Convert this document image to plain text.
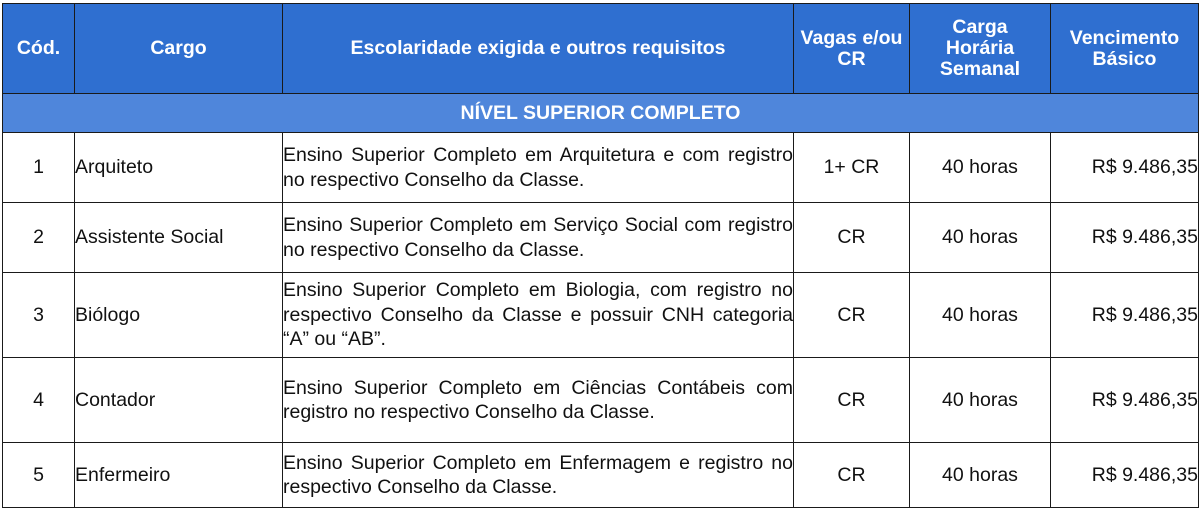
Cód.	Cargo	Escolaridade exigida e outros requisitos	Vagas e/ou CR	Carga Horária Semanal	Vencimento Básico
NÍVEL SUPERIOR COMPLETO					
1	Arquiteto	Ensino Superior Completo em Arquitetura e com registro no respectivo Conselho da Classe.	1+ CR	40 horas	R$ 9.486,35
2	Assistente Social	Ensino Superior Completo em Serviço Social com registro no respectivo Conselho da Classe.	CR	40 horas	R$ 9.486,35
3	Biólogo	Ensino Superior Completo em Biologia, com registro no respectivo Conselho da Classe e possuir CNH categoria “A” ou “AB”.	CR	40 horas	R$ 9.486,35
4	Contador	Ensino Superior Completo em Ciências Contábeis com registro no respectivo Conselho da Classe.	CR	40 horas	R$ 9.486,35
5	Enfermeiro	Ensino Superior Completo em Enfermagem e registro no respectivo Conselho da Classe.	CR	40 horas	R$ 9.486,35
